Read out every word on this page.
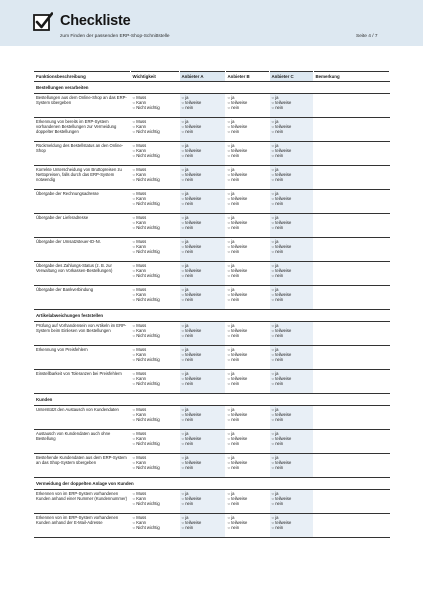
Checkliste
zum Finden der passenden ERP-Shop-Schnittstelle	Seite 4 / 7
Funktionsbeschreibung	Wichtigkeit	Anbieter A	Anbieter B	Anbieter C	Bemerkung
Bestellungen verarbeiten					
Bestellungen aus dem Online-Shop an das ERP-System übergeben	○ Muss
○ Kann
○ Nicht wichtig	○ ja
○ teilweise
○ nein	○ ja
○ teilweise
○ nein	○ ja
○ teilweise
○ nein

Erkennung von bereits im ERP-System vorhandenen Bestellungen zur Vermeidung doppelter Bestellungen	○ Muss
○ Kann
○ Nicht wichtig	○ ja
○ teilweise
○ nein	○ ja
○ teilweise
○ nein	○ ja
○ teilweise
○ nein

Rückmeldung des Bestellstatus an den Online-Shop	○ Muss
○ Kann
○ Nicht wichtig	○ ja
○ teilweise
○ nein	○ ja
○ teilweise
○ nein	○ ja
○ teilweise
○ nein

Korrekte Unterscheidung von Bruttopreisen zu Nettopreisen, falls durch das ERP-System notwendig	○ Muss
○ Kann
○ Nicht wichtig	○ ja
○ teilweise
○ nein	○ ja
○ teilweise
○ nein	○ ja
○ teilweise
○ nein

Übergabe der Rechnungsadresse	○ Muss
○ Kann
○ Nicht wichtig	○ ja
○ teilweise
○ nein	○ ja
○ teilweise
○ nein	○ ja
○ teilweise
○ nein

Übergabe der Lieferadresse	○ Muss
○ Kann
○ Nicht wichtig	○ ja
○ teilweise
○ nein	○ ja
○ teilweise
○ nein	○ ja
○ teilweise
○ nein

Übergabe der Umsatzsteuer-ID-Nr.	○ Muss
○ Kann
○ Nicht wichtig	○ ja
○ teilweise
○ nein	○ ja
○ teilweise
○ nein	○ ja
○ teilweise
○ nein

Übergabe des Zahlungs-Status (z. B. zur Verwaltung von Vorkassen-Bestellungen)	○ Muss
○ Kann
○ Nicht wichtig	○ ja
○ teilweise
○ nein	○ ja
○ teilweise
○ nein	○ ja
○ teilweise
○ nein

Übergabe der Bankverbindung	○ Muss
○ Kann
○ Nicht wichtig	○ ja
○ teilweise
○ nein	○ ja
○ teilweise
○ nein	○ ja
○ teilweise
○ nein

Artikelabweichungen feststellen					
Prüfung auf Vorhandensein von Artikeln im ERP-System beim Einlesen von Bestellungen	○ Muss
○ Kann
○ Nicht wichtig	○ ja
○ teilweise
○ nein	○ ja
○ teilweise
○ nein	○ ja
○ teilweise
○ nein

Erkennung von Preisfehlern	○ Muss
○ Kann
○ Nicht wichtig	○ ja
○ teilweise
○ nein	○ ja
○ teilweise
○ nein	○ ja
○ teilweise
○ nein

Einstellbarkeit von Toleranzen bei Preisfehlern	○ Muss
○ Kann
○ Nicht wichtig	○ ja
○ teilweise
○ nein	○ ja
○ teilweise
○ nein	○ ja
○ teilweise
○ nein

Kunden					
Unterstützt den Austausch von Kundendaten	○ Muss
○ Kann
○ Nicht wichtig	○ ja
○ teilweise
○ nein	○ ja
○ teilweise
○ nein	○ ja
○ teilweise
○ nein

Austausch von Kundendaten auch ohne Bestellung	○ Muss
○ Kann
○ Nicht wichtig	○ ja
○ teilweise
○ nein	○ ja
○ teilweise
○ nein	○ ja
○ teilweise
○ nein

Bestehende Kundendaten aus dem ERP-System an das Shop-System übergeben	○ Muss
○ Kann
○ Nicht wichtig	○ ja
○ teilweise
○ nein	○ ja
○ teilweise
○ nein	○ ja
○ teilweise
○ nein

Vermeidung der doppelten Anlage von Kunden					
Erkennen von im ERP-System vorhandenen Kunden anhand einer Nummer (Kundennummer)	○ Muss
○ Kann
○ Nicht wichtig	○ ja
○ teilweise
○ nein	○ ja
○ teilweise
○ nein	○ ja
○ teilweise
○ nein

Erkennen von im ERP-System vorhandenen Kunden anhand der E-Mail-Adresse	○ Muss
○ Kann
○ Nicht wichtig	○ ja
○ teilweise
○ nein	○ ja
○ teilweise
○ nein	○ ja
○ teilweise
○ nein
